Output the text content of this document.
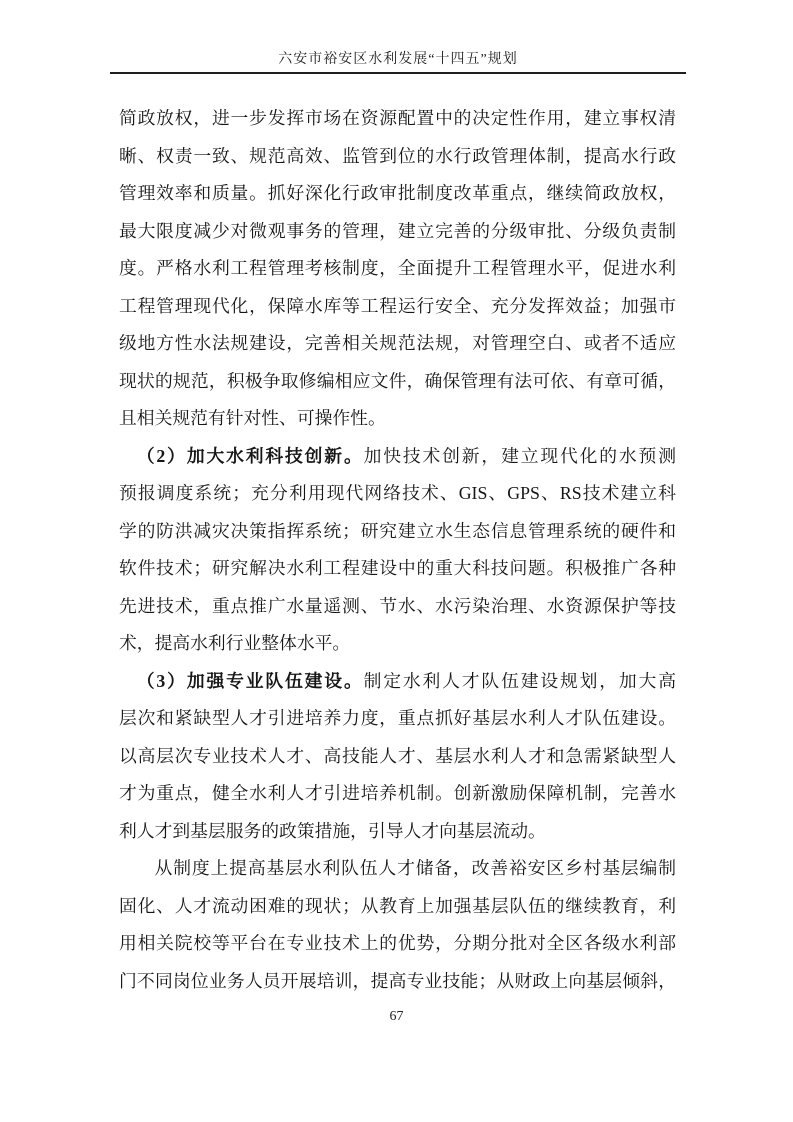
六安市裕安区水利发展“十四五”规划
简政放权，进一步发挥市场在资源配置中的决定性作用，建立事权清
晰、权责一致、规范高效、监管到位的水行政管理体制，提高水行政
管理效率和质量。抓好深化行政审批制度改革重点，继续简政放权，
最大限度减少对微观事务的管理，建立完善的分级审批、分级负责制
度。严格水利工程管理考核制度，全面提升工程管理水平，促进水利
工程管理现代化，保障水库等工程运行安全、充分发挥效益；加强市
级地方性水法规建设，完善相关规范法规，对管理空白、或者不适应
现状的规范，积极争取修编相应文件，确保管理有法可依、有章可循，
且相关规范有针对性、可操作性。
（2）加大水利科技创新。加快技术创新，建立现代化的水预测
预报调度系统；充分利用现代网络技术、GIS、GPS、RS技术建立科
学的防洪减灾决策指挥系统；研究建立水生态信息管理系统的硬件和
软件技术；研究解决水利工程建设中的重大科技问题。积极推广各种
先进技术，重点推广水量遥测、节水、水污染治理、水资源保护等技
术，提高水利行业整体水平。
（3）加强专业队伍建设。制定水利人才队伍建设规划，加大高
层次和紧缺型人才引进培养力度，重点抓好基层水利人才队伍建设。
以高层次专业技术人才、高技能人才、基层水利人才和急需紧缺型人
才为重点，健全水利人才引进培养机制。创新激励保障机制，完善水
利人才到基层服务的政策措施，引导人才向基层流动。
从制度上提高基层水利队伍人才储备，改善裕安区乡村基层编制
固化、人才流动困难的现状；从教育上加强基层队伍的继续教育，利
用相关院校等平台在专业技术上的优势，分期分批对全区各级水利部
门不同岗位业务人员开展培训，提高专业技能；从财政上向基层倾斜，
67
